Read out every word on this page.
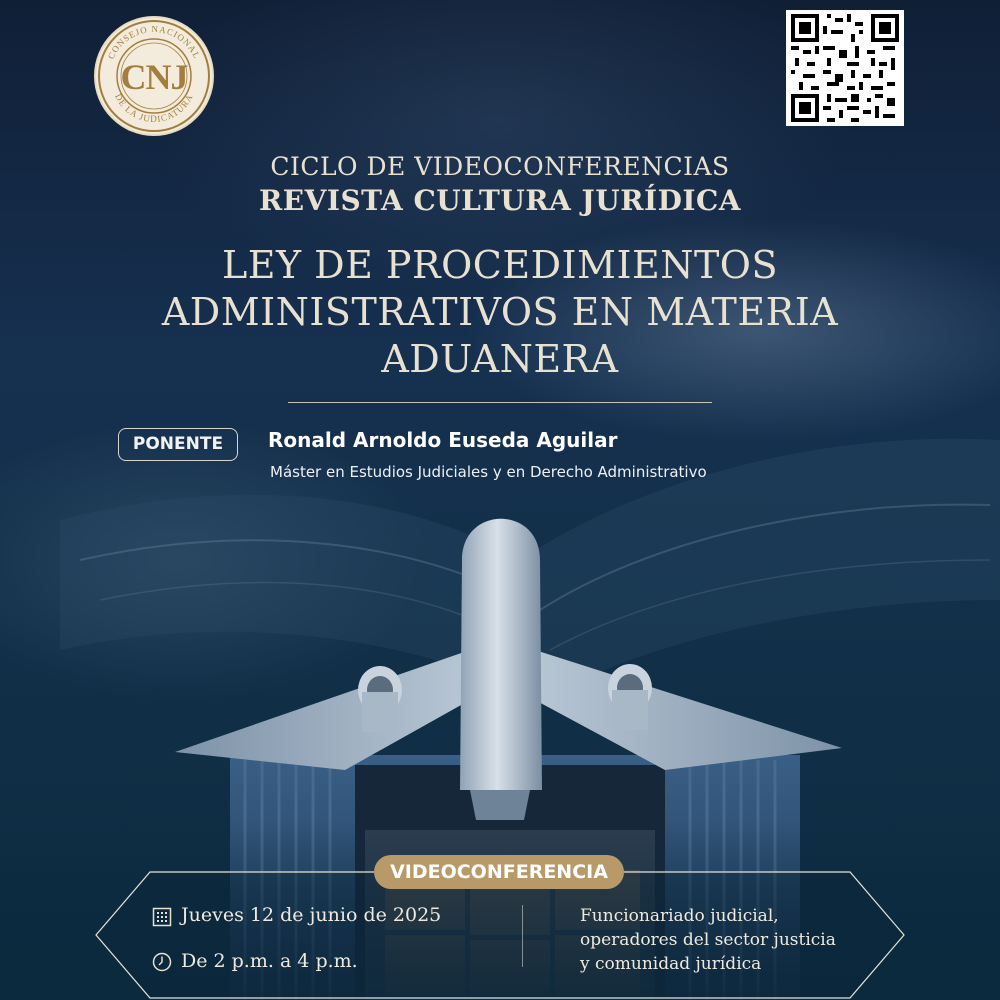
CONSEJO NACIONAL
DE LA JUDICATURA
CNJ
CICLO DE VIDEOCONFERENCIAS
REVISTA CULTURA JURÍDICA
LEY DE PROCEDIMIENTOS
ADMINISTRATIVOS EN MATERIA
ADUANERA
PONENTE	Ronald Arnoldo Euseda Aguilar
Máster en Estudios Judiciales y en Derecho Administrativo
VIDEOCONFERENCIA
Jueves 12 de junio de 2025
De 2 p.m. a 4 p.m.
Funcionariado judicial,
operadores del sector justicia
y comunidad jurídica
